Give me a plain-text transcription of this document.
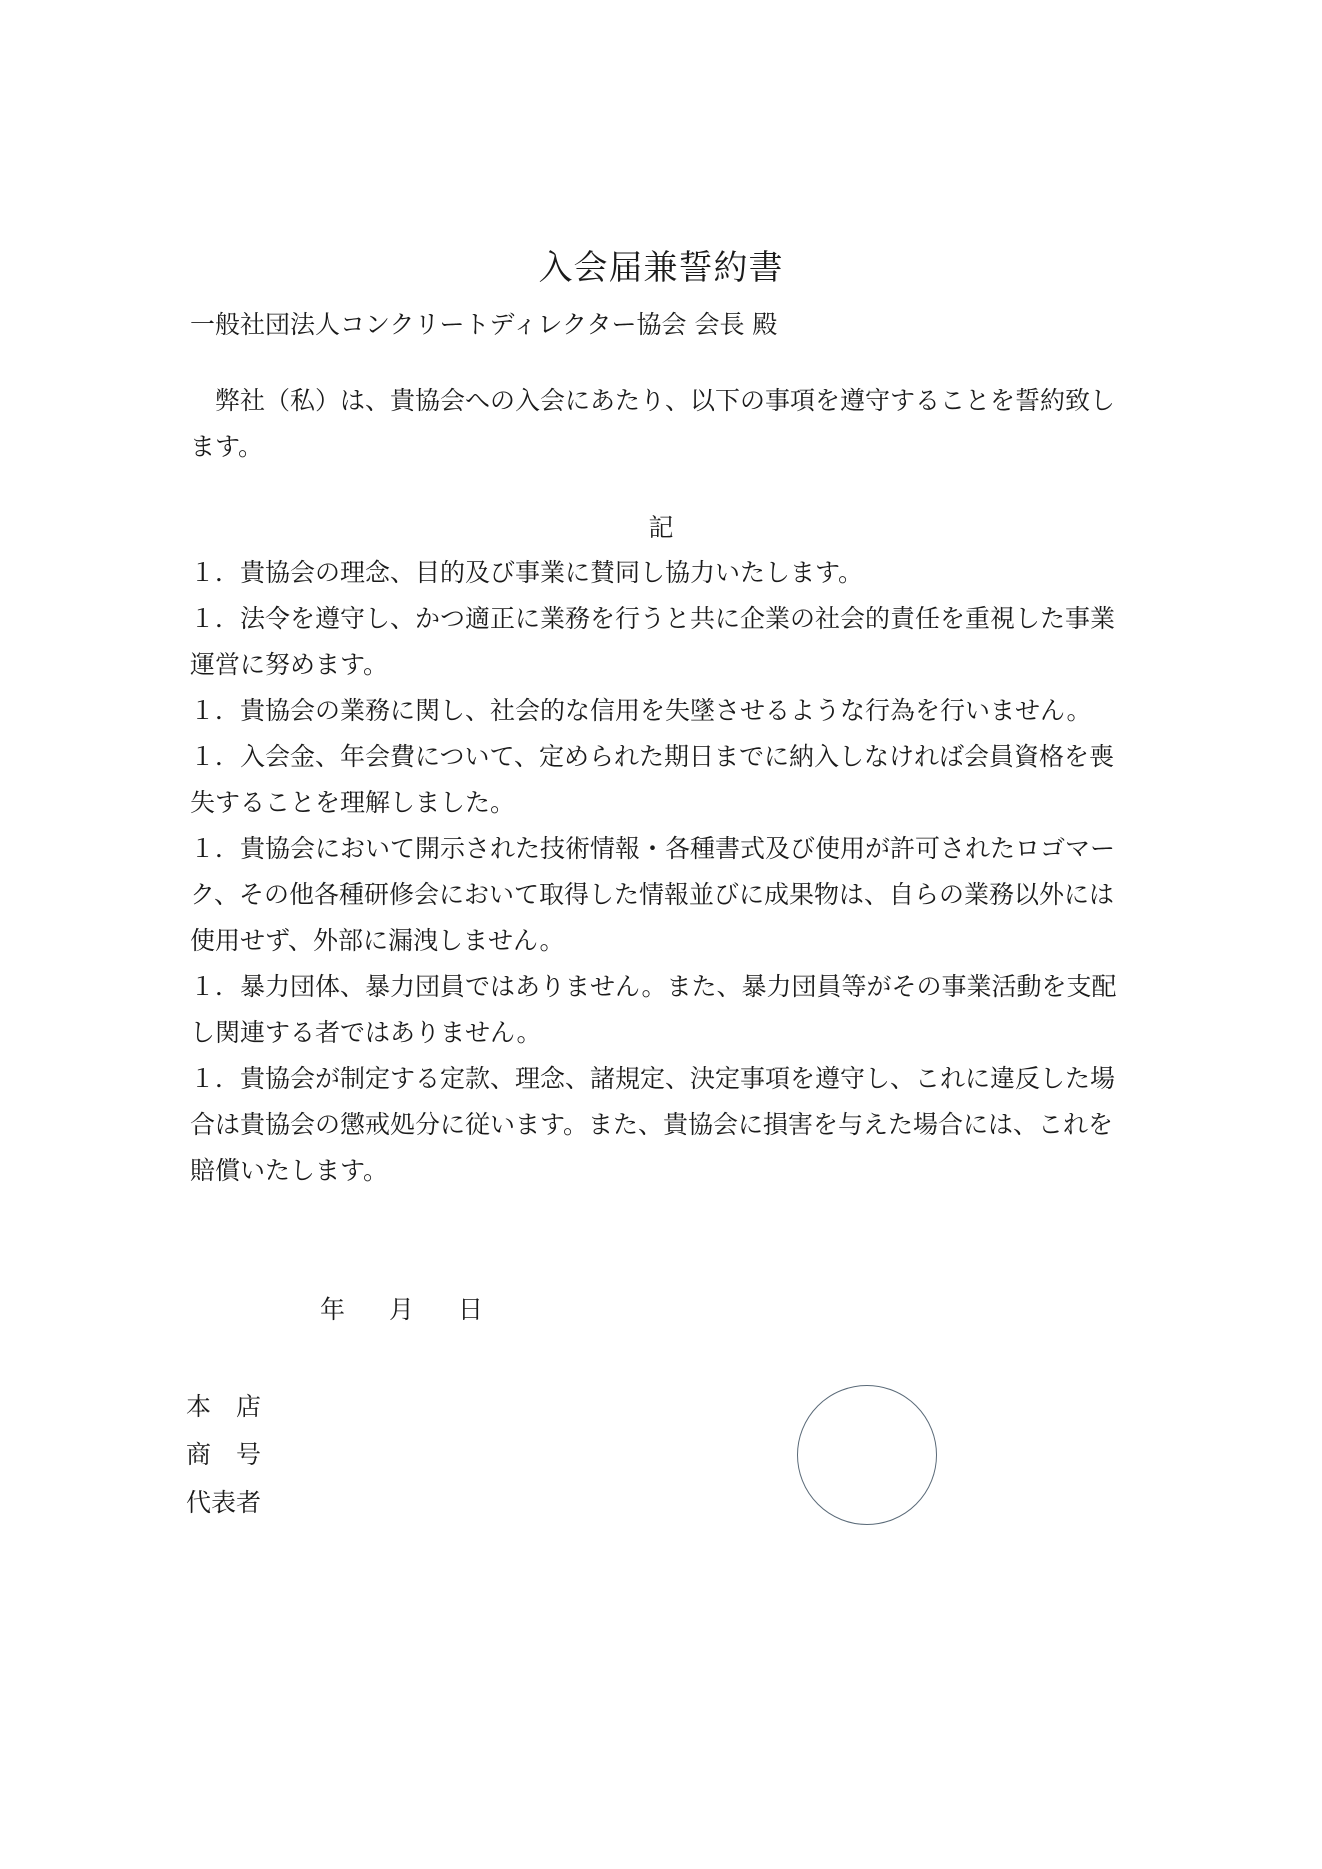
入会届兼誓約書

一般社団法人コンクリートディレクター協会 会長 殿

弊社（私）は、貴協会への入会にあたり、以下の事項を遵守することを誓約致します。

記

１．貴協会の理念、目的及び事業に賛同し協力いたします。
１．法令を遵守し、かつ適正に業務を行うと共に企業の社会的責任を重視した事業運営に努めます。
１．貴協会の業務に関し、社会的な信用を失墜させるような行為を行いません。
１．入会金、年会費について、定められた期日までに納入しなければ会員資格を喪失することを理解しました。
１．貴協会において開示された技術情報・各種書式及び使用が許可されたロゴマーク、その他各種研修会において取得した情報並びに成果物は、自らの業務以外には使用せず、外部に漏洩しません。
１．暴力団体、暴力団員ではありません。また、暴力団員等がその事業活動を支配し関連する者ではありません。
１．貴協会が制定する定款、理念、諸規定、決定事項を遵守し、これに違反した場合は貴協会の懲戒処分に従います。また、貴協会に損害を与えた場合には、これを賠償いたします。

年 月 日

本　店
商　号
代表者
